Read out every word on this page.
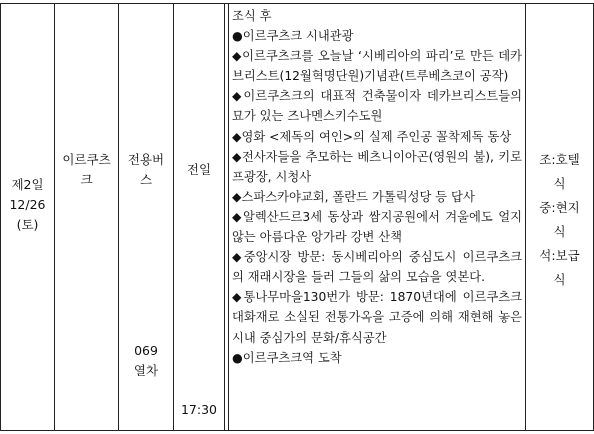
제2일
12/26
(토)
이르쿠츠
크
전용버
스
069
열차
전일
17:30

조식 후

●이르쿠츠크 시내관광

◆이르쿠츠크를 오늘날 ‘시베리아의 파리’로 만든 데카브리스트(12월혁명단원)기념관(트루베츠코이 공작)

◆이르쿠츠크의 대표적 건축물이자 데카브리스트들의 묘가 있는 즈나멘스키수도원

◆영화 <제독의 여인>의 실제 주인공 꼴착제독 동상

◆전사자들을 추모하는 베츠니이아곤(영원의 불), 키로프광장, 시청사

◆스파스카야교회, 폴란드 가톨릭성당 등 답사

◆알렉산드르3세 동상과 쌈지공원에서 겨울에도 얼지 않는 아름다운 앙가라 강변 산책

◆중앙시장 방문: 동시베리아의 중심도시 이르쿠츠크의 재래시장을 들러 그들의 삶의 모습을 엿본다.

◆통나무마을130번가 방문: 1870년대에 이르쿠츠크 대화재로 소실된 전통가옥을 고증에 의해 재현해 놓은 시내 중심가의 문화/휴식공간

●이르쿠츠크역 도착

조:호텔
식
중:현지
식
석:보급
식
